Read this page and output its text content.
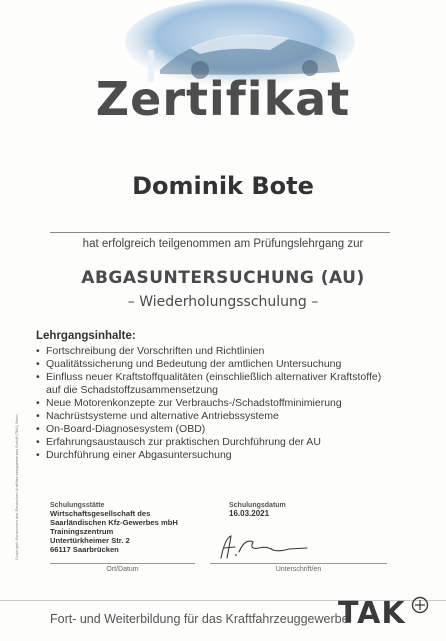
Zertifikat
Dominik Bote
hat erfolgreich teilgenommen am Prüfungslehrgang zur
ABGASUNTERSUCHUNG (AU)
– Wiederholungsschulung –
Lehrgangsinhalte:
• Fortschreibung der Vorschriften und Richtlinien
• Qualitätssicherung und Bedeutung der amtlichen Untersuchung
• Einfluss neuer Kraftstoffqualitäten (einschließlich alternativer Kraftstoffe)
auf die Schadstoffzusammensetzung
• Neue Motorenkonzepte zur Verbrauchs-/Schadstoffminimierung
• Nachrüstsysteme und alternative Antriebssysteme
• On-Board-Diagnosesystem (OBD)
• Erfahrungsaustausch zur praktischen Durchführung der AU
• Durchführung einer Abgasuntersuchung
Copyright: Kuratorium des Deutschen Kraftfahrzeuggewerbes GmbH (TAK), Bonn	Schulungsstätte
Wirtschaftsgesellschaft des
Saarländischen Kfz-Gewerbes mbH
Trainingszentrum
Untertürkheimer Str. 2
66117 Saarbrücken
Schulungsdatum
16.03.2021
Ort/Datum	Unterschrift/en
Fort- und Weiterbildung für das Kraftfahrzeuggewerbe
TAK
